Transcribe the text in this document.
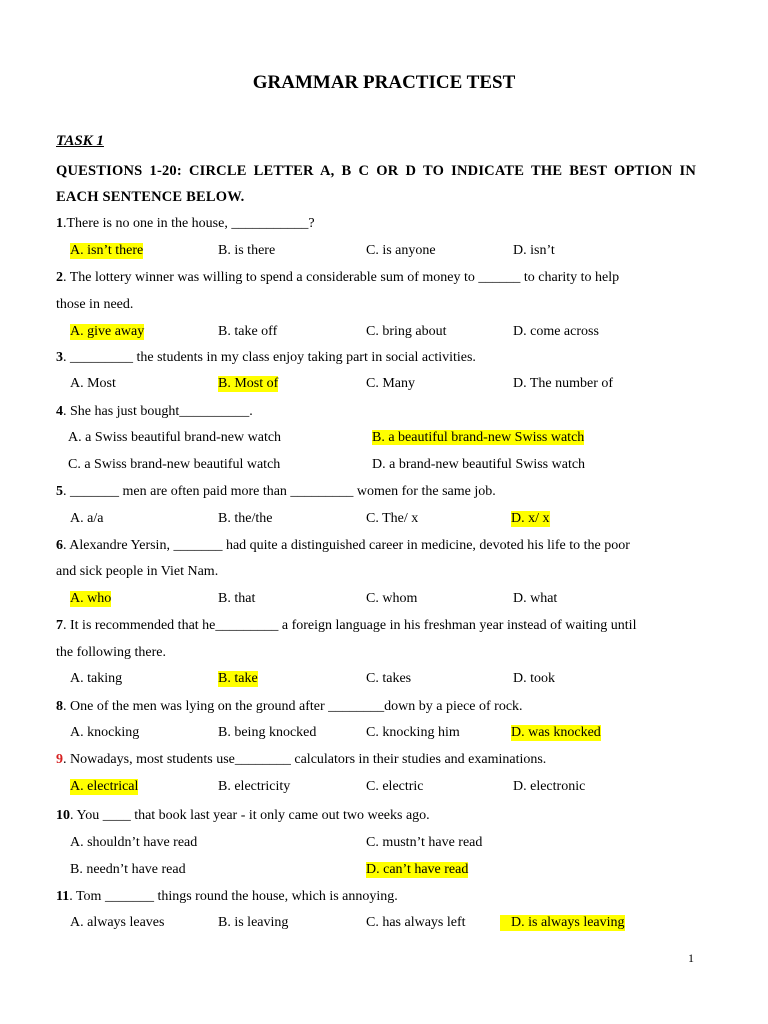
GRAMMAR PRACTICE TEST
TASK 1
QUESTIONS 1-20: CIRCLE LETTER A, B C OR D TO INDICATE THE BEST OPTION IN
EACH SENTENCE BELOW.
1.There is no one in the house, ___________?
A. isn’t there	B. is there	C. is anyone	D. isn’t
2. The lottery winner was willing to spend a considerable sum of money to ______ to charity to help
those in need.
A. give away	B. take off	C. bring about	D. come across
3. _________ the students in my class enjoy taking part in social activities.
A. Most	B. Most of	C. Many	D. The number of
4. She has just bought__________.
A. a Swiss beautiful brand-new watch	B. a beautiful brand-new Swiss watch
C. a Swiss brand-new beautiful watch	D. a brand-new beautiful Swiss watch
5. _______ men are often paid more than _________ women for the same job.
A. a/a	B. the/the	C. The/ x	D. x/ x
6. Alexandre Yersin, _______ had quite a distinguished career in medicine, devoted his life to the poor
and sick people in Viet Nam.
A. who	B. that	C. whom	D. what
7. It is recommended that he_________ a foreign language in his freshman year instead of waiting until
the following there.
A. taking	B. take	C. takes	D. took
8. One of the men was lying on the ground after ________down by a piece of rock.
A. knocking	B. being knocked	C. knocking him	D. was knocked
9. Nowadays, most students use________ calculators in their studies and examinations.
A. electrical	B. electricity	C. electric	D. electronic
10. You ____ that book last year - it only came out two weeks ago.
A. shouldn’t have read	C. mustn’t have read
B. needn’t have read	D. can’t have read
11. Tom _______ things round the house, which is annoying.
A. always leaves	B. is leaving	C. has always left	D. is always leaving
1
